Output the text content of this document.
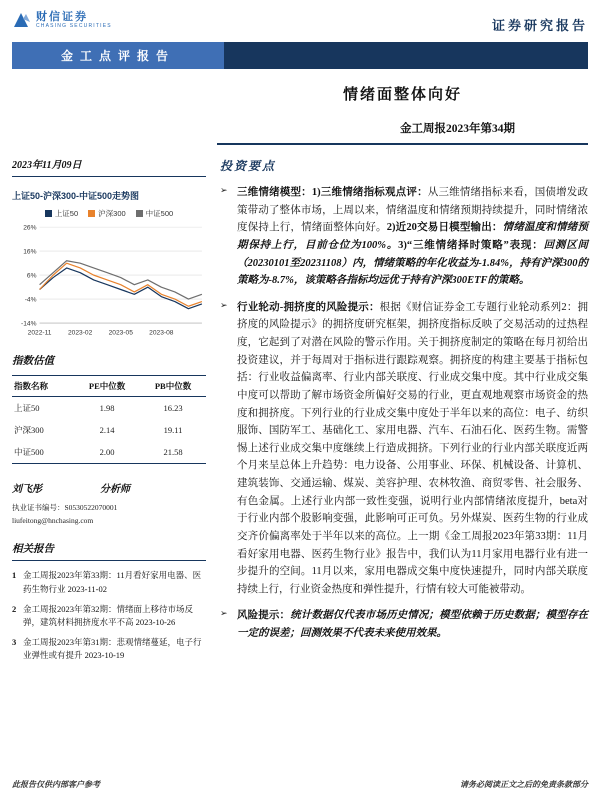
财信证券
CHASING SECURITIES	证券研究报告
金工点评报告
情绪面整体向好
金工周报2023年第34期
2023年11月09日
上证50-沪深300-中证500走势图
上证50	沪深300	中证500
26%
16%
6%
-4%
-14%
2022-11	2023-02	2023-05	2023-08
指数估值
指数名称	PE中位数	PB中位数
上证50	1.98	16.23
沪深300	2.14	19.11
中证500	2.00	21.58
刘飞彤	分析师
执业证书编号：S0530522070001
liufeitong@hnchasing.com
相关报告
1 金工周报2023年第33期：11月看好家用电器、医药生物行业 2023-11-02
2 金工周报2023年第32期：情绪面上移待市场反弹，建筑材料拥挤度水平不高 2023-10-26
3 金工周报2023年第31期：悲观情绪蔓延，电子行业弹性或有提升 2023-10-19
投资要点
➢ 三维情绪模型：1)三维情绪指标观点评：从三维情绪指标来看，国债增发政策带动了整体市场，上周以来，情绪温度和情绪预期持续提升，同时情绪浓度保持上行，情绪面整体向好。2)近20交易日模型输出：情绪温度和情绪预期保持上行，目前仓位为100%。3)“三维情绪择时策略”表现：回测区间（20230101至20231108）内，情绪策略的年化收益为-1.84%，持有沪深300的策略为-8.7%，该策略各指标均远优于持有沪深300ETF的策略。

➢ 行业轮动-拥挤度的风险提示：根据《财信证券金工专题行业轮动系列2：拥挤度的风险提示》的拥挤度研究框架，拥挤度指标反映了交易活动的过热程度，它起到了对潜在风险的警示作用。关于拥挤度制定的策略在每月初给出投资建议，并于每周对于指标进行跟踪观察。拥挤度的构建主要基于指标包括：行业收益偏离率、行业内部关联度、行业成交集中度。其中行业成交集中度可以帮助了解市场资金所偏好交易的行业，更直观地观察市场资金的热度和拥挤度。下列行业的行业成交集中度处于半年以来的高位：电子、纺织服饰、国防军工、基础化工、家用电器、汽车、石油石化、医药生物。需警惕上述行业成交集中度继续上行造成拥挤。下列行业的行业内部关联度近两个月来呈总体上升趋势：电力设备、公用事业、环保、机械设备、计算机、建筑装饰、交通运输、煤炭、美容护理、农林牧渔、商贸零售、社会服务、有色金属。上述行业内部一致性变强，说明行业内部情绪浓度提升，beta对于行业内部个股影响变强，此影响可正可负。另外煤炭、医药生物的行业成交齐价偏离率处于半年以来的高位。上一期《金工周报2023年第33期：11月看好家用电器、医药生物行业》报告中，我们认为11月家用电器行业有进一步提升的空间。11月以来，家用电器成交集中度快速提升，同时内部关联度持续上行，行业资金热度和弹性提升，行情有较大可能被带动。

➢ 风险提示：统计数据仅代表市场历史情况；模型依赖于历史数据；模型存在一定的误差；回测效果不代表未来使用效果。

此报告仅供内部客户参考	请务必阅读正文之后的免责条款部分
